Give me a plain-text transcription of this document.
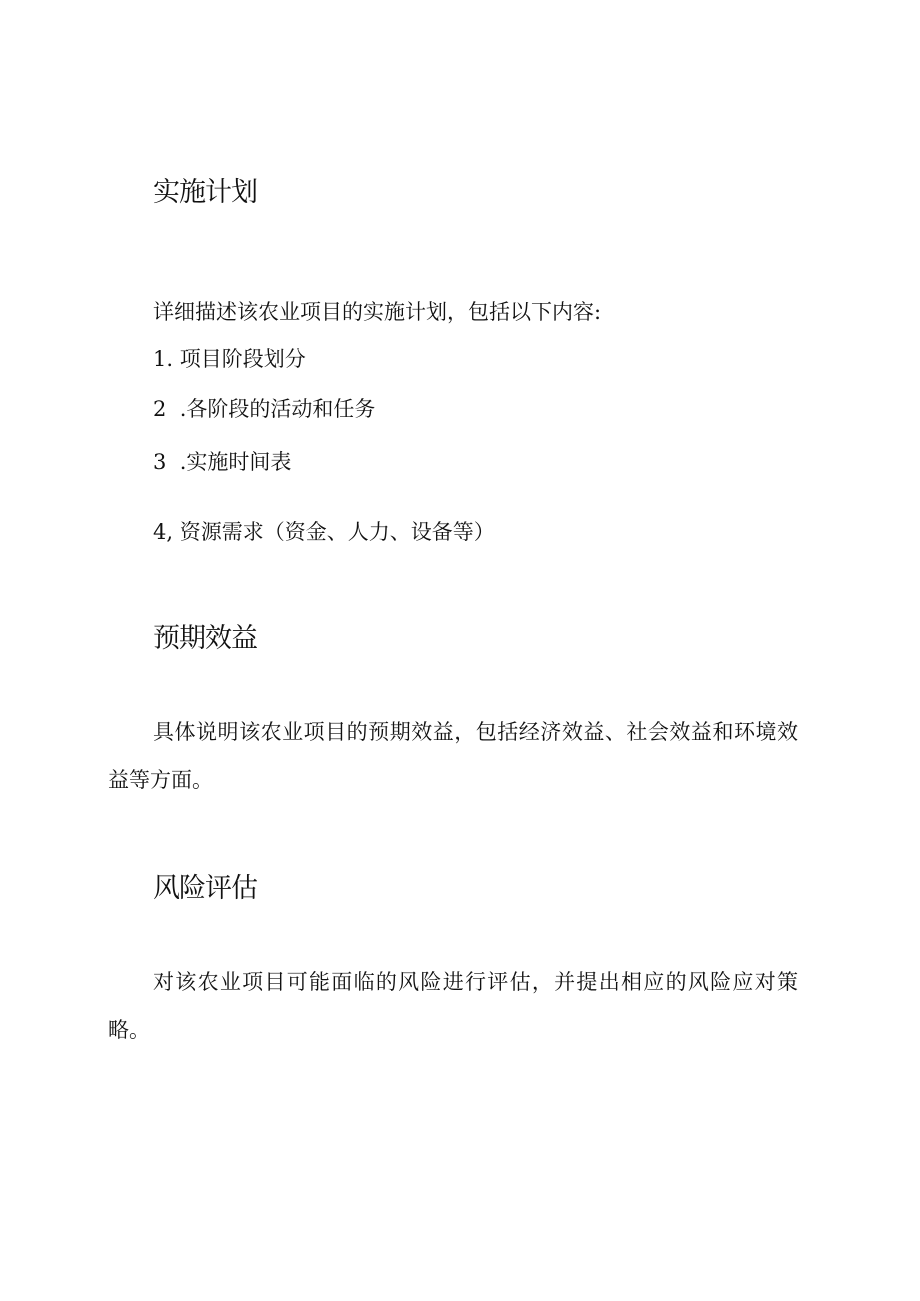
实施计划

详细描述该农业项目的实施计划，包括以下内容:

1. 项目阶段划分

2  .各阶段的活动和任务

3  .实施时间表

4, 资源需求（资金、人力、设备等）

预期效益

具体说明该农业项目的预期效益，包括经济效益、社会效益和环境效益等方面。

风险评估

对该农业项目可能面临的风险进行评估，并提出相应的风险应对策略。
